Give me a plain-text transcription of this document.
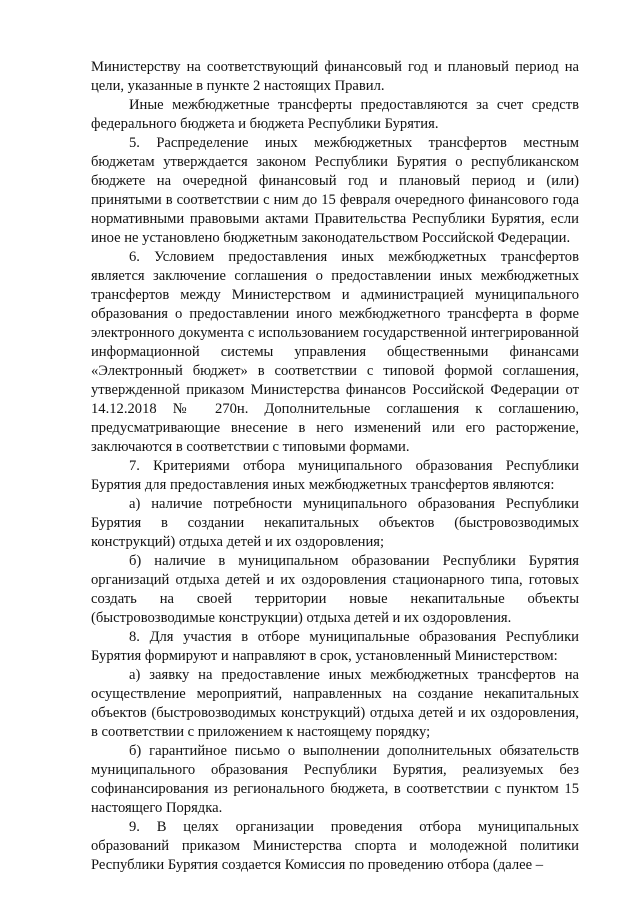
Министерству на соответствующий финансовый год и плановый период на цели, указанные в пункте 2 настоящих Правил.

Иные межбюджетные трансферты предоставляются за счет средств федерального бюджета и бюджета Республики Бурятия.

5. Распределение иных межбюджетных трансфертов местным бюджетам утверждается законом Республики Бурятия о республиканском бюджете на очередной финансовый год и плановый период и (или) принятыми в соответствии с ним до 15 февраля очередного финансового года нормативными правовыми актами Правительства Республики Бурятия, если иное не установлено бюджетным законодательством Российской Федерации.

6. Условием предоставления иных межбюджетных трансфертов является заключение соглашения о предоставлении иных межбюджетных трансфертов между Министерством и администрацией муниципального образования о предоставлении иного межбюджетного трансферта в форме электронного документа с использованием государственной интегрированной информационной системы управления общественными финансами «Электронный бюджет» в соответствии с типовой формой соглашения, утвержденной приказом Министерства финансов Российской Федерации от 14.12.2018 № 270н. Дополнительные соглашения к соглашению, предусматривающие внесение в него изменений или его расторжение, заключаются в соответствии с типовыми формами.

7. Критериями отбора муниципального образования Республики Бурятия для предоставления иных межбюджетных трансфертов являются:

а) наличие потребности муниципального образования Республики Бурятия в создании некапитальных объектов (быстровозводимых конструкций) отдыха детей и их оздоровления;

б) наличие в муниципальном образовании Республики Бурятия организаций отдыха детей и их оздоровления стационарного типа, готовых создать на своей территории новые некапитальные объекты (быстровозводимые конструкции) отдыха детей и их оздоровления.

8. Для участия в отборе муниципальные образования Республики Бурятия формируют и направляют в срок, установленный Министерством:

а) заявку на предоставление иных межбюджетных трансфертов на осуществление мероприятий, направленных на создание некапитальных объектов (быстровозводимых конструкций) отдыха детей и их оздоровления, в соответствии с приложением к настоящему порядку;

б) гарантийное письмо о выполнении дополнительных обязательств муниципального образования Республики Бурятия, реализуемых без софинансирования из регионального бюджета, в соответствии с пунктом 15 настоящего Порядка.

9. В целях организации проведения отбора муниципальных образований приказом Министерства спорта и молодежной политики Республики Бурятия создается Комиссия по проведению отбора (далее –
